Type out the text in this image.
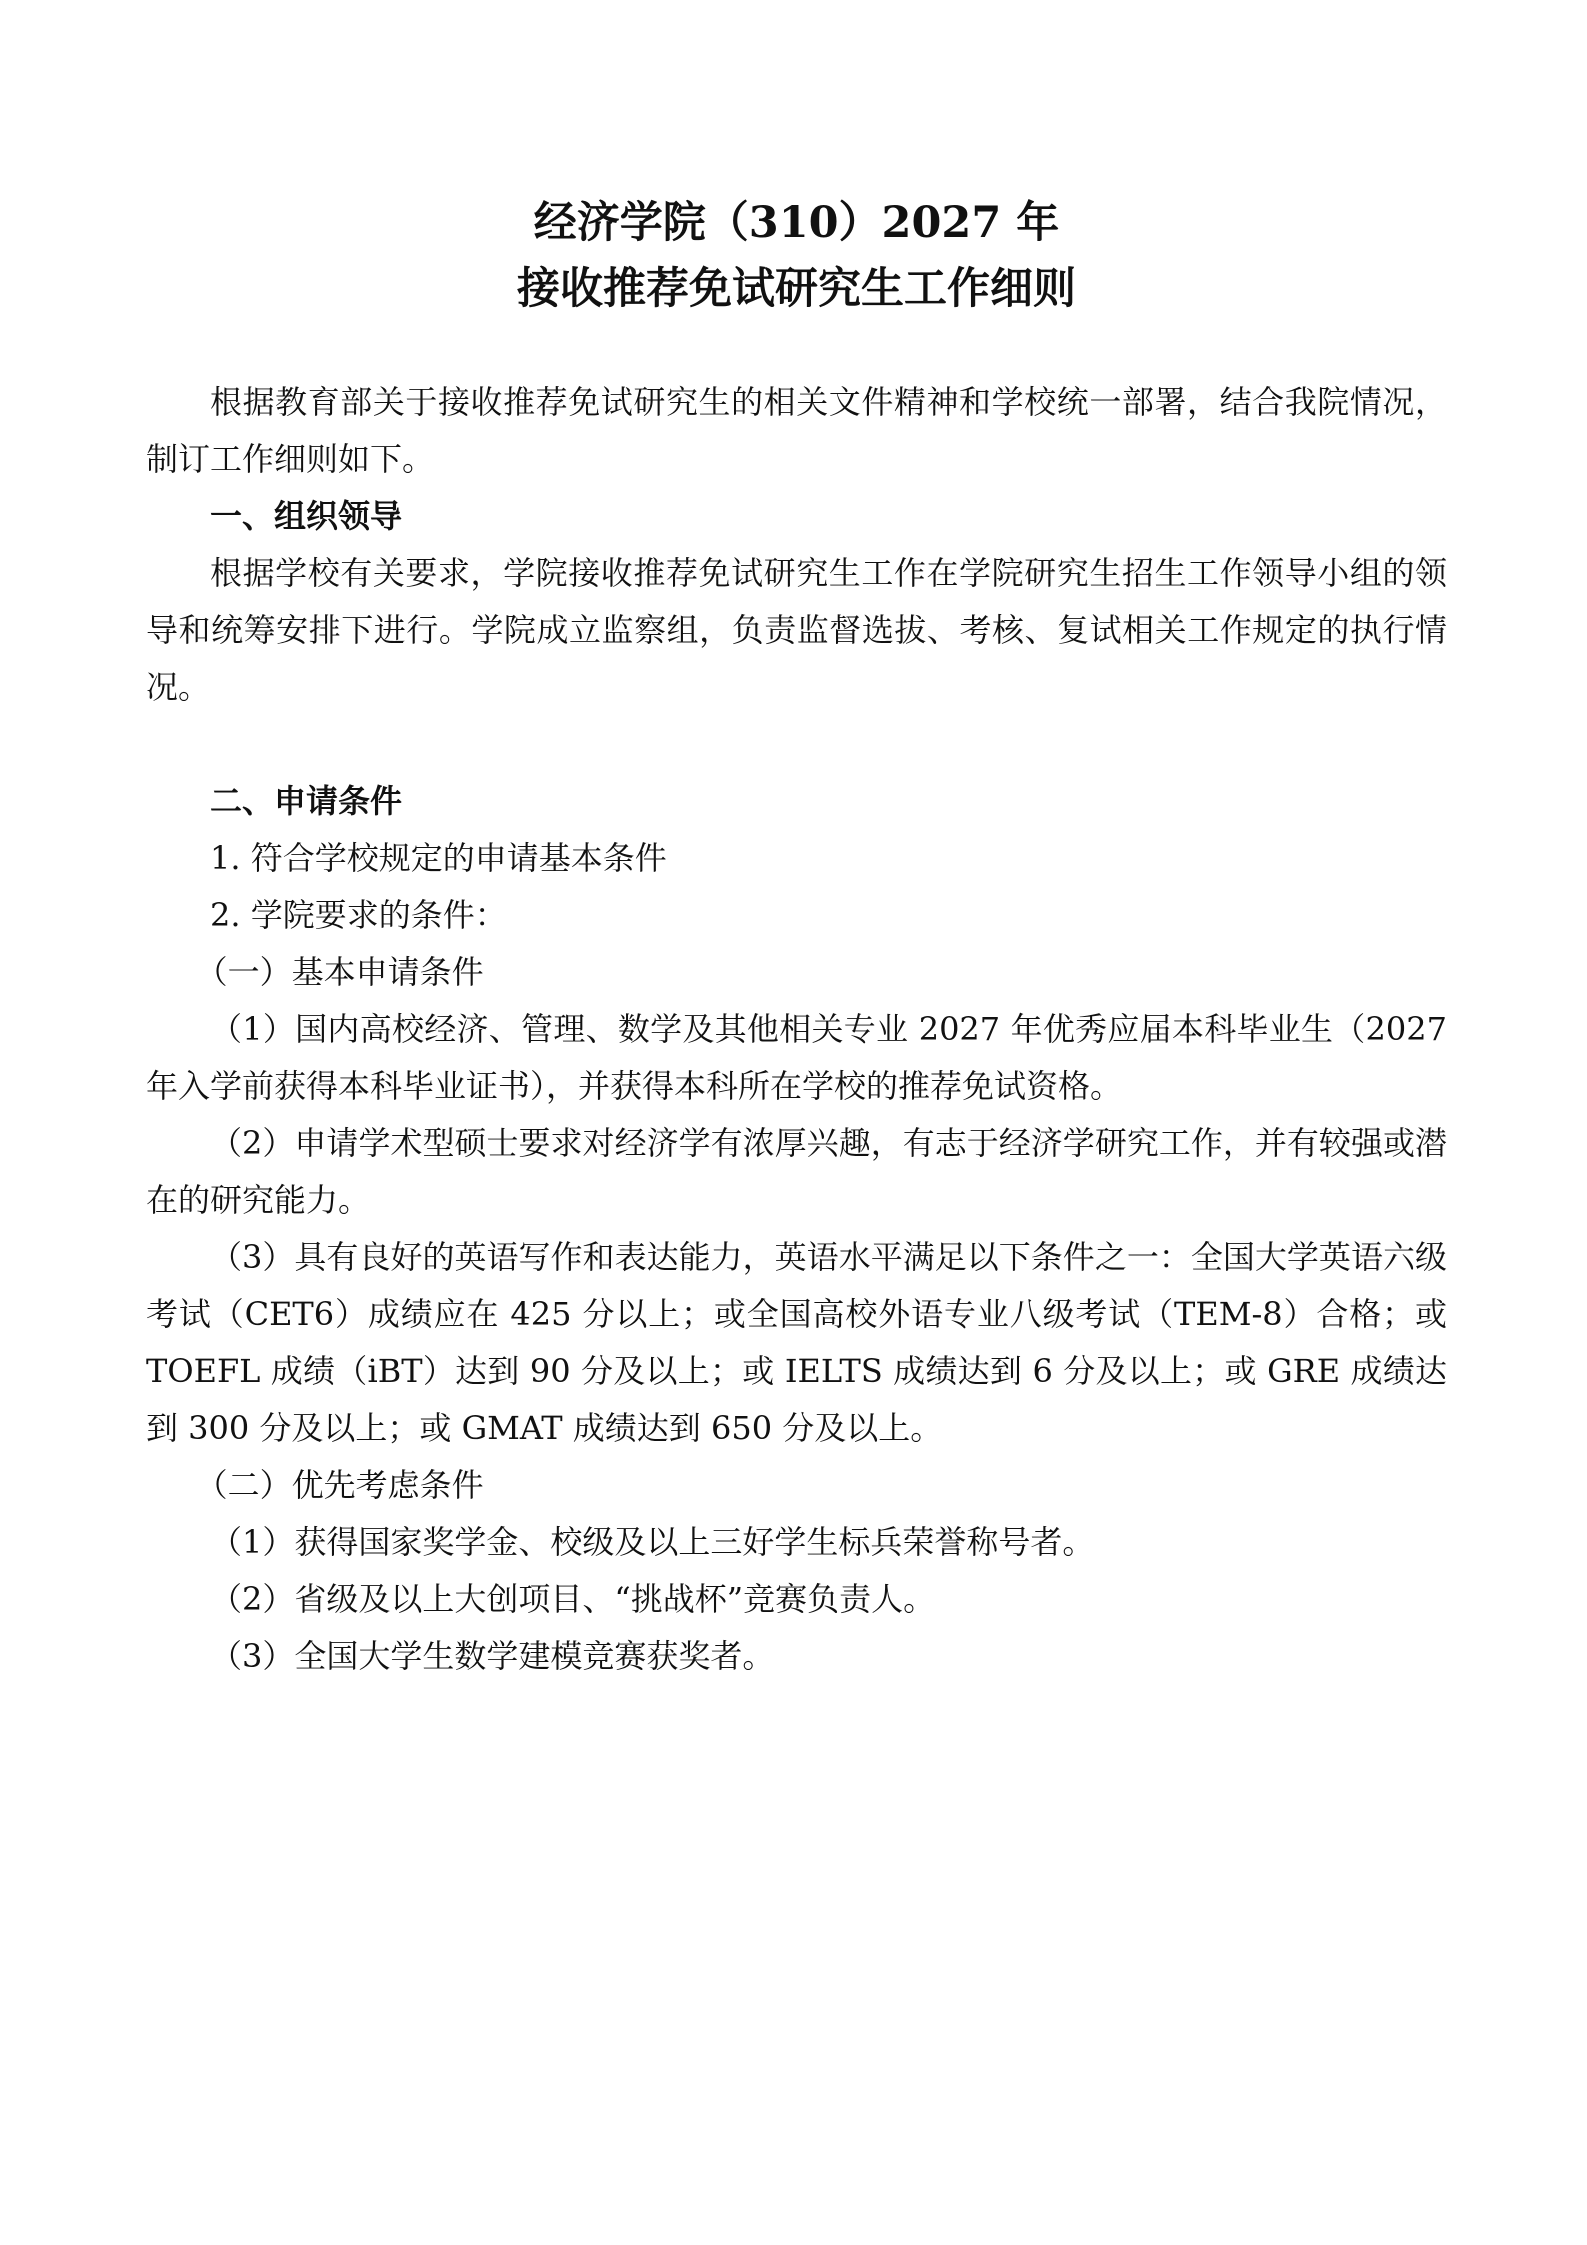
经济学院（310）2027 年
接收推荐免试研究生工作细则

根据教育部关于接收推荐免试研究生的相关文件精神和学校统一部署，结合我院情况，制订工作细则如下。

一、组织领导

根据学校有关要求，学院接收推荐免试研究生工作在学院研究生招生工作领导小组的领导和统筹安排下进行。学院成立监察组，负责监督选拔、考核、复试相关工作规定的执行情况。

二、申请条件

1. 符合学校规定的申请基本条件

2. 学院要求的条件：

（一）基本申请条件

（1）国内高校经济、管理、数学及其他相关专业 2027 年优秀应届本科毕业生（2027 年入学前获得本科毕业证书），并获得本科所在学校的推荐免试资格。

（2）申请学术型硕士要求对经济学有浓厚兴趣，有志于经济学研究工作，并有较强或潜在的研究能力。

（3）具有良好的英语写作和表达能力，英语水平满足以下条件之一：全国大学英语六级考试（CET6）成绩应在 425 分以上；或全国高校外语专业八级考试（TEM-8）合格；或 TOEFL 成绩（iBT）达到 90 分及以上；或 IELTS 成绩达到 6 分及以上；或 GRE 成绩达到 300 分及以上；或 GMAT 成绩达到 650 分及以上。

（二）优先考虑条件

（1）获得国家奖学金、校级及以上三好学生标兵荣誉称号者。

（2）省级及以上大创项目、“挑战杯”竞赛负责人。

（3）全国大学生数学建模竞赛获奖者。
